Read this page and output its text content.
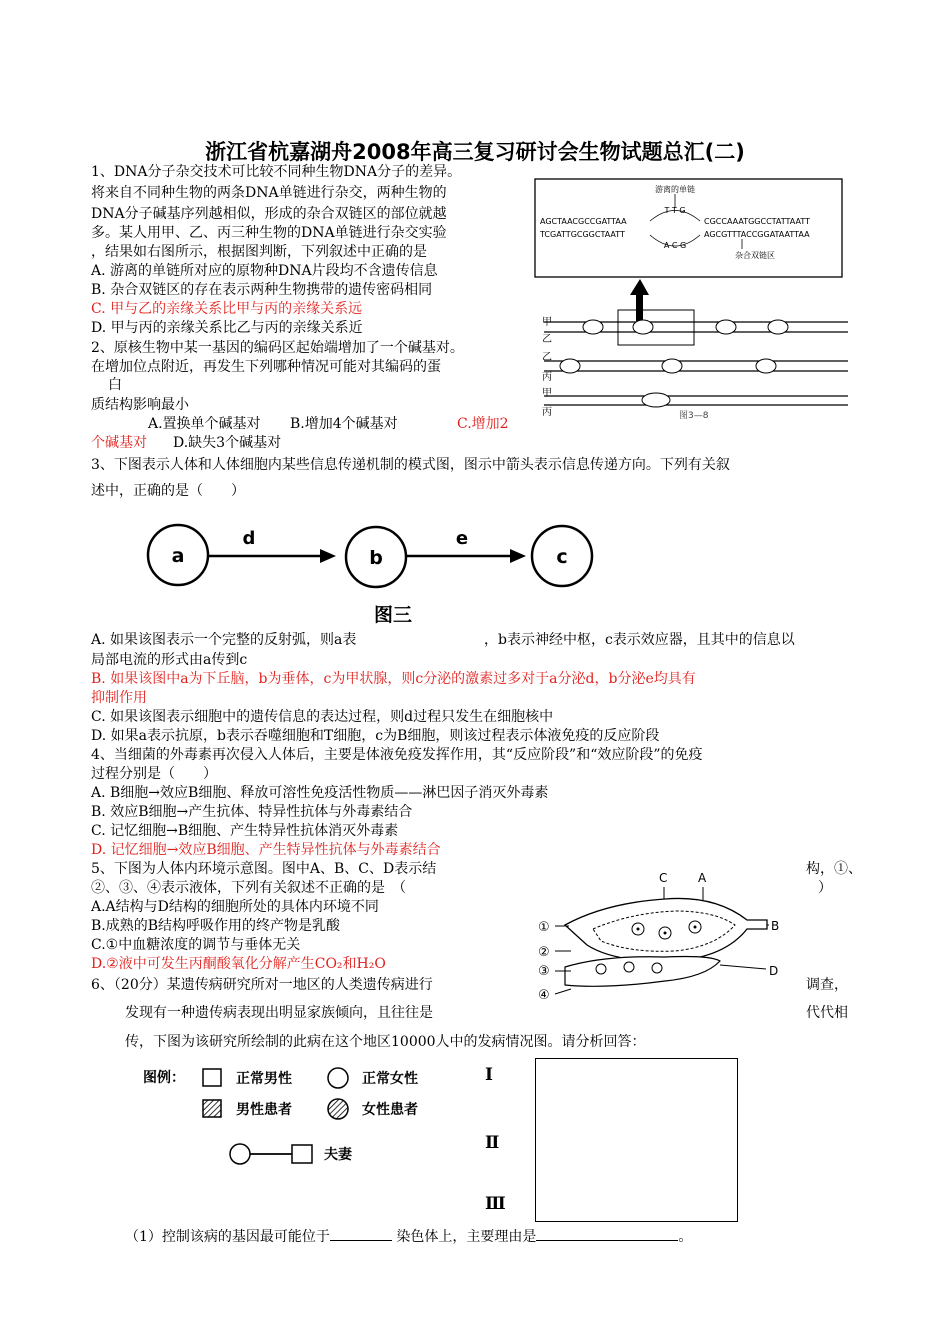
浙江省杭嘉湖舟2008年高三复习研讨会生物试题总汇(二)
1、DNA分子杂交技术可比较不同种生物DNA分子的差异。
将来自不同种生物的两条DNA单链进行杂交，两种生物的
DNA分子碱基序列越相似，形成的杂合双链区的部位就越
多。某人用甲、乙、丙三种生物的DNA单链进行杂交实验
，结果如右图所示，根据图判断，下列叙述中正确的是
A. 游离的单链所对应的原物种DNA片段均不含遗传信息
B. 杂合双链区的存在表示两种生物携带的遗传密码相同
C. 甲与乙的亲缘关系比甲与丙的亲缘关系远
D. 甲与丙的亲缘关系比乙与丙的亲缘关系近
游离的单链
AGCTAACGCCGATTAA	CGCCAAATGGCCTATTAATT
TCGATTGCGGCTAATT	AGCGTTTACCGGATAATTAA
T T G
A C G
杂合双链区
甲
乙
乙
丙
甲
丙	图3—8
2、原核生物中某一基因的编码区起始端增加了一个碱基对。
在增加位点附近，再发生下列哪种情况可能对其编码的蛋
白
质结构影响最小
A.置换单个碱基对 B.增加4个碱基对	C.增加2
个碱基对 D.缺失3个碱基对
3、下图表示人体和人体细胞内某些信息传递机制的模式图，图示中箭头表示信息传递方向。下列有关叙
述中，正确的是（　　）
a	b	c
d	e
图三
A. 如果该图表示一个完整的反射弧，则a表	，b表示神经中枢，c表示效应器，且其中的信息以
局部电流的形式由a传到c
B. 如果该图中a为下丘脑，b为垂体，c为甲状腺，则c分泌的激素过多对于a分泌d，b分泌e均具有
抑制作用
C. 如果该图表示细胞中的遗传信息的表达过程，则d过程只发生在细胞核中
D. 如果a表示抗原，b表示吞噬细胞和T细胞，c为B细胞，则该过程表示体液免疫的反应阶段
4、当细菌的外毒素再次侵入人体后，主要是体液免疫发挥作用，其“反应阶段”和“效应阶段”的免疫
过程分别是（　　）
A. B细胞→效应B细胞、释放可溶性免疫活性物质——淋巴因子消灭外毒素
B. 效应B细胞→产生抗体、特异性抗体与外毒素结合
C. 记忆细胞→B细胞、产生特异性抗体消灭外毒素
D. 记忆细胞→效应B细胞、产生特异性抗体与外毒素结合
5、下图为人体内环境示意图。图中A、B、C、D表示结	构，①、
②、③、④表示液体，下列有关叙述不正确的是　（	）
A.A结构与D结构的细胞所处的具体内环境不同
B.成熟的B结构呼吸作用的终产物是乳酸
C.①中血糖浓度的调节与垂体无关
D.②液中可发生丙酮酸氧化分解产生CO₂和H₂O
C	A
B
D
①
②
③
④
6、（20分）某遗传病研究所对一地区的人类遗传病进行	调查，
发现有一种遗传病表现出明显家族倾向，且往往是	代代相
传，下图为该研究所绘制的此病在这个地区10000人中的发病情况图。请分析回答：
图例：	正常男性	正常女性
男性患者	女性患者
夫妻
Ⅰ
Ⅱ
Ⅲ
（1）控制该病的基因最可能位于	染色体上，主要理由是	。
